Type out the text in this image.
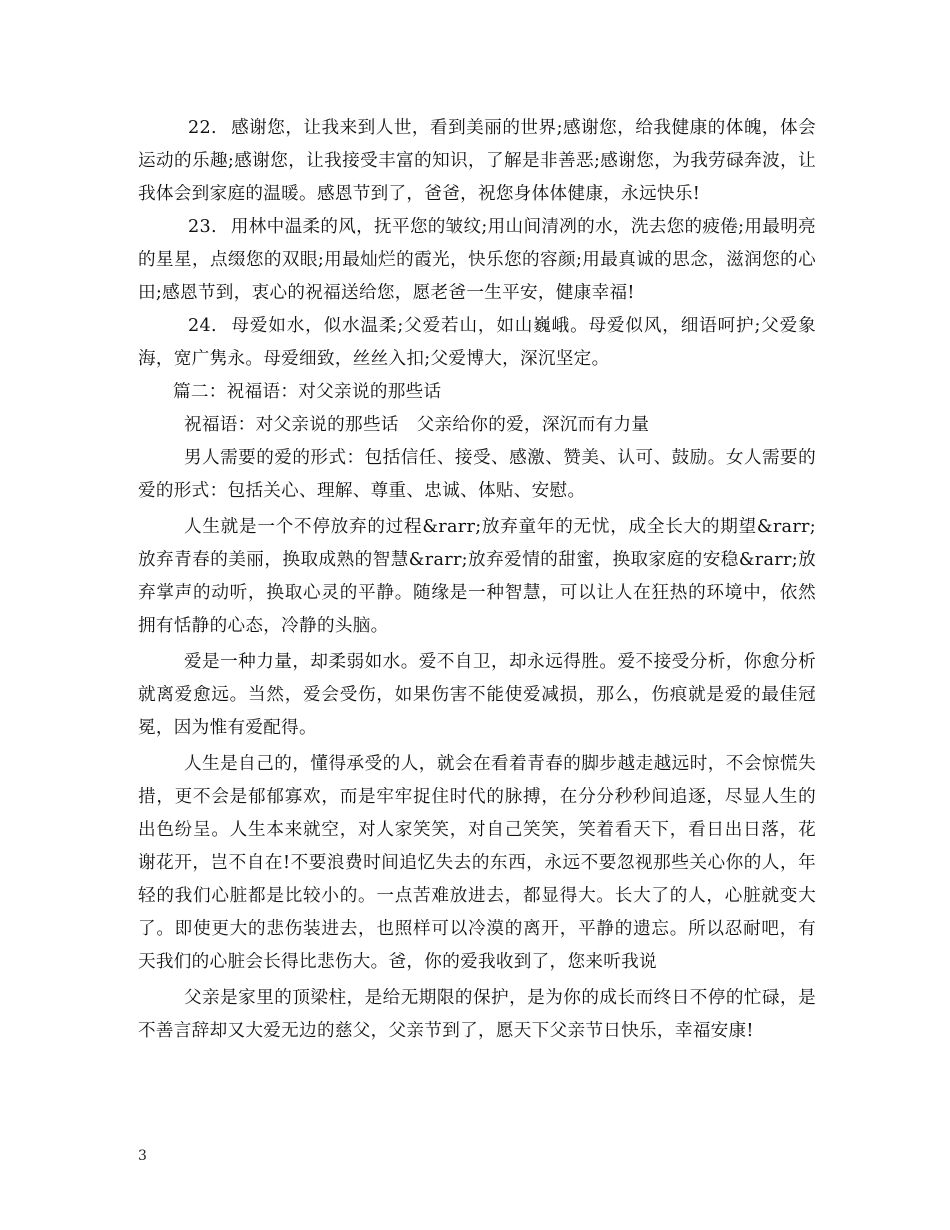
22. 感谢您，让我来到人世，看到美丽的世界;感谢您，给我健康的体魄，体会运动的乐趣;感谢您，让我接受丰富的知识，了解是非善恶;感谢您，为我劳碌奔波，让我体会到家庭的温暖。感恩节到了，爸爸，祝您身体体健康，永远快乐!

23. 用林中温柔的风，抚平您的皱纹;用山间清冽的水，洗去您的疲倦;用最明亮的星星，点缀您的双眼;用最灿烂的霞光，快乐您的容颜;用最真诚的思念，滋润您的心田;感恩节到，衷心的祝福送给您，愿老爸一生平安，健康幸福!

24. 母爱如水，似水温柔;父爱若山，如山巍峨。母爱似风，细语呵护;父爱象海，宽广隽永。母爱细致，丝丝入扣;父爱博大，深沉坚定。

篇二：祝福语：对父亲说的那些话

祝福语：对父亲说的那些话　父亲给你的爱，深沉而有力量

男人需要的爱的形式：包括信任、接受、感激、赞美、认可、鼓励。女人需要的爱的形式：包括关心、理解、尊重、忠诚、体贴、安慰。

人生就是一个不停放弃的过程&rarr;放弃童年的无忧，成全长大的期望&rarr;放弃青春的美丽，换取成熟的智慧&rarr;放弃爱情的甜蜜，换取家庭的安稳&rarr;放弃掌声的动听，换取心灵的平静。随缘是一种智慧，可以让人在狂热的环境中，依然拥有恬静的心态，冷静的头脑。

爱是一种力量，却柔弱如水。爱不自卫，却永远得胜。爱不接受分析，你愈分析就离爱愈远。当然，爱会受伤，如果伤害不能使爱减损，那么，伤痕就是爱的最佳冠冕，因为惟有爱配得。

人生是自己的，懂得承受的人，就会在看着青春的脚步越走越远时，不会惊慌失措，更不会是郁郁寡欢，而是牢牢捉住时代的脉搏，在分分秒秒间追逐，尽显人生的出色纷呈。人生本来就空，对人家笑笑，对自己笑笑，笑着看天下，看日出日落，花谢花开，岂不自在!不要浪费时间追忆失去的东西，永远不要忽视那些关心你的人，年轻的我们心脏都是比较小的。一点苦难放进去，都显得大。长大了的人，心脏就变大了。即使更大的悲伤装进去，也照样可以冷漠的离开，平静的遗忘。所以忍耐吧，有天我们的心脏会长得比悲伤大。爸，你的爱我收到了，您来听我说

父亲是家里的顶梁柱，是给无期限的保护，是为你的成长而终日不停的忙碌，是不善言辞却又大爱无边的慈父，父亲节到了，愿天下父亲节日快乐，幸福安康!

3
